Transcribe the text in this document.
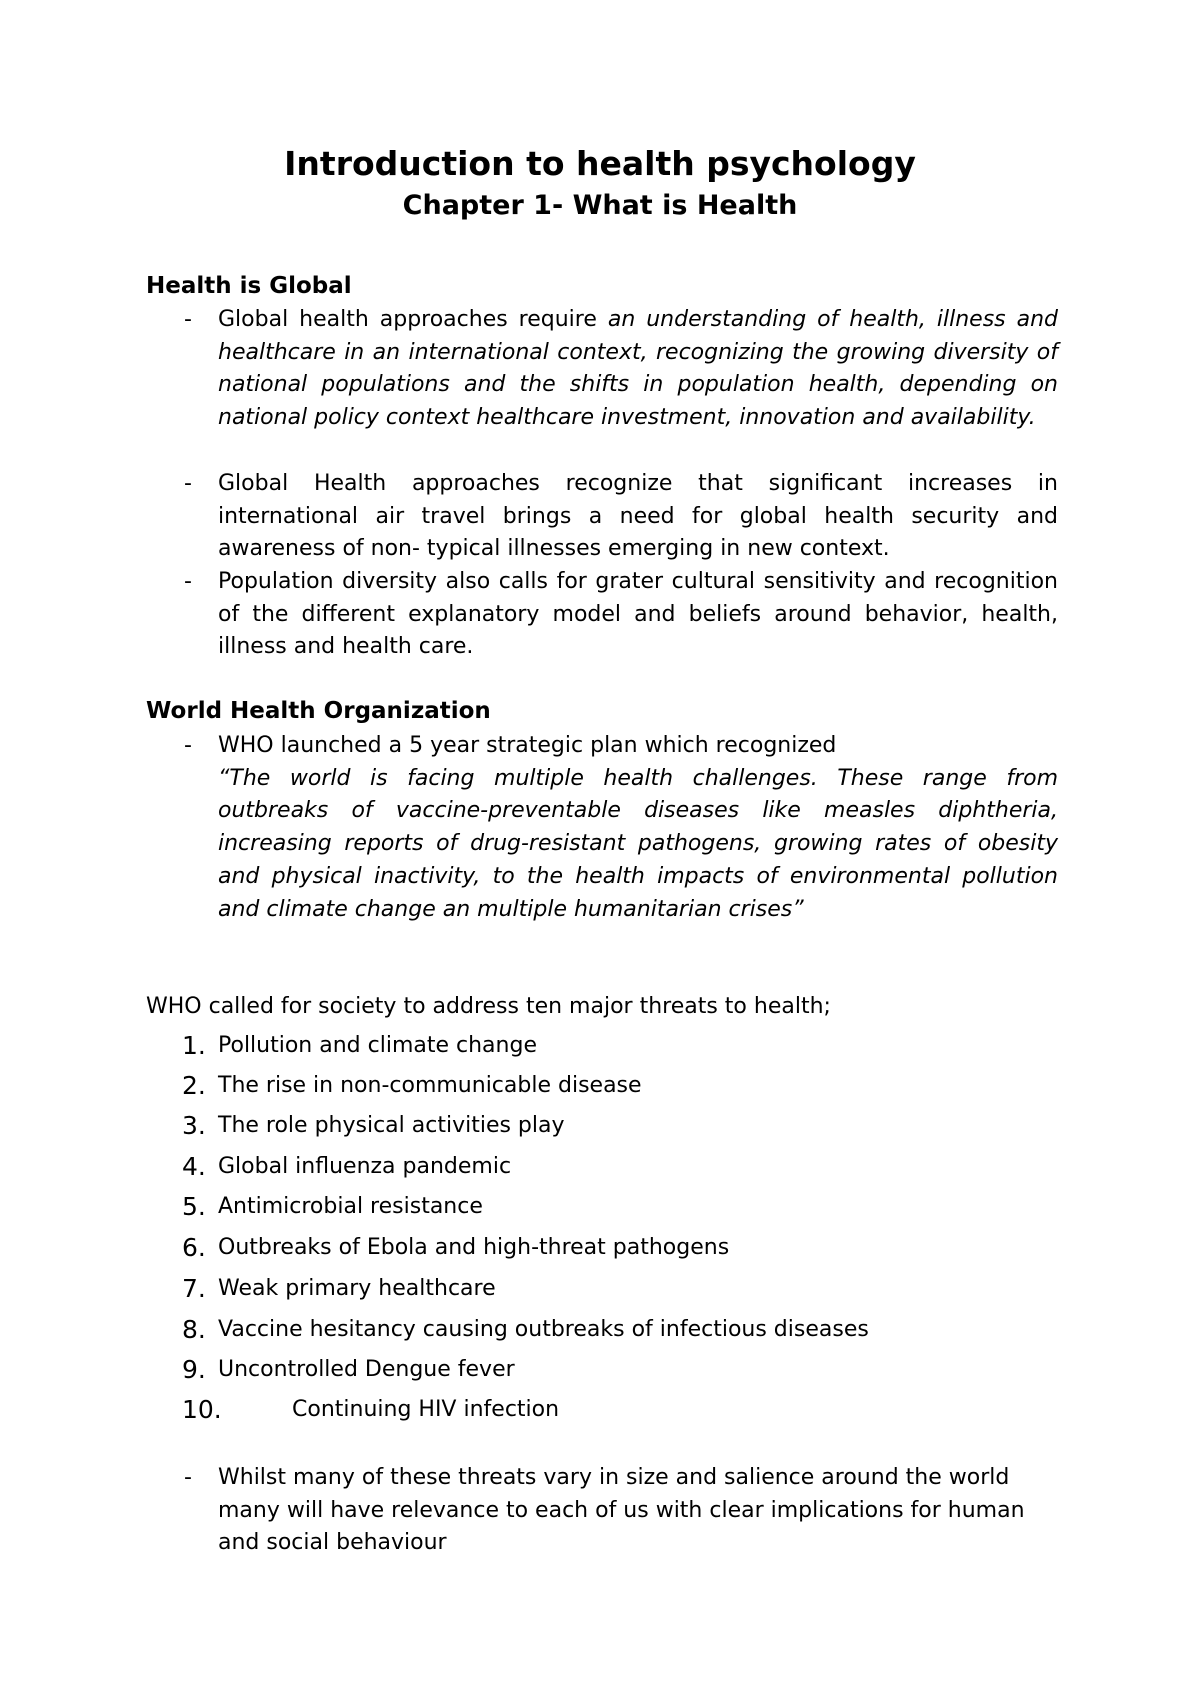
Introduction to health psychology
Chapter 1- What is Health
Health is Global
- Global health approaches require an understanding of health, illness and healthcare in an international context, recognizing the growing diversity of national populations and the shifts in population health, depending on national policy context healthcare investment, innovation and availability.
- Global Health approaches recognize that significant increases in international air travel brings a need for global health security and awareness of non- typical illnesses emerging in new context.
- Population diversity also calls for grater cultural sensitivity and recognition of the different explanatory model and beliefs around behavior, health, illness and health care.
World Health Organization
- WHO launched a 5 year strategic plan which recognized
“The world is facing multiple health challenges. These range from outbreaks of vaccine-preventable diseases like measles diphtheria, increasing reports of drug-resistant pathogens, growing rates of obesity and physical inactivity, to the health impacts of environmental pollution and climate change an multiple humanitarian crises”
WHO called for society to address ten major threats to health;
1. Pollution and climate change
2. The rise in non-communicable disease
3. The role physical activities play
4. Global influenza pandemic
5. Antimicrobial resistance
6. Outbreaks of Ebola and high-threat pathogens
7. Weak primary healthcare
8. Vaccine hesitancy causing outbreaks of infectious diseases
9. Uncontrolled Dengue fever
10.	Continuing HIV infection
- Whilst many of these threats vary in size and salience around the world many will have relevance to each of us with clear implications for human and social behaviour
